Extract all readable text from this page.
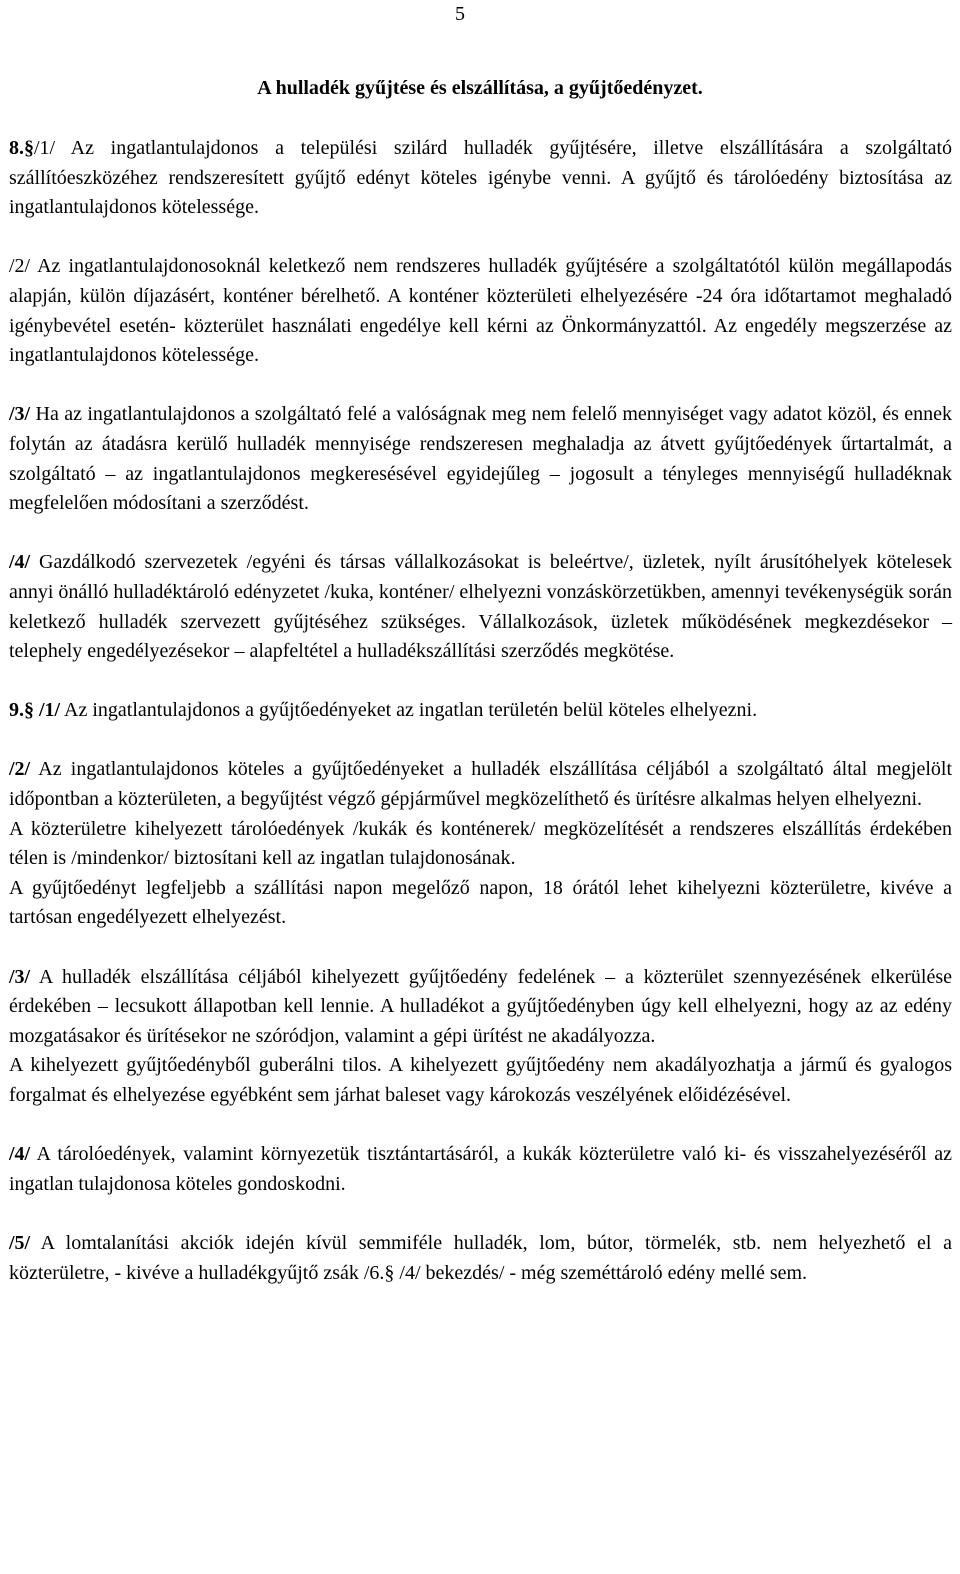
5
A hulladék gyűjtése és elszállítása, a gyűjtőedényzet.

8.§/1/ Az ingatlantulajdonos a települési szilárd hulladék gyűjtésére, illetve elszállítására a szolgáltató szállítóeszközéhez rendszeresített gyűjtő edényt köteles igénybe venni. A gyűjtő és tárolóedény biztosítása az ingatlantulajdonos kötelessége.

/2/ Az ingatlantulajdonosoknál keletkező nem rendszeres hulladék gyűjtésére a szolgáltatótól külön megállapodás alapján, külön díjazásért, konténer bérelhető. A konténer közterületi elhelyezésére -24 óra időtartamot meghaladó igénybevétel esetén- közterület használati engedélye kell kérni az Önkormányzattól. Az engedély megszerzése az ingatlantulajdonos kötelessége.

/3/ Ha az ingatlantulajdonos a szolgáltató felé a valóságnak meg nem felelő mennyiséget vagy adatot közöl, és ennek folytán az átadásra kerülő hulladék mennyisége rendszeresen meghaladja az átvett gyűjtőedények űrtartalmát, a szolgáltató – az ingatlantulajdonos megkeresésével egyidejűleg – jogosult a tényleges mennyiségű hulladéknak megfelelően módosítani a szerződést.

/4/ Gazdálkodó szervezetek /egyéni és társas vállalkozásokat is beleértve/, üzletek, nyílt árusítóhelyek kötelesek annyi önálló hulladéktároló edényzetet /kuka, konténer/ elhelyezni vonzáskörzetükben, amennyi tevékenységük során keletkező hulladék szervezett gyűjtéséhez szükséges. Vállalkozások, üzletek működésének megkezdésekor – telephely engedélyezésekor – alapfeltétel a hulladékszállítási szerződés megkötése.

9.§ /1/ Az ingatlantulajdonos a gyűjtőedényeket az ingatlan területén belül köteles elhelyezni.

/2/ Az ingatlantulajdonos köteles a gyűjtőedényeket a hulladék elszállítása céljából a szolgáltató által megjelölt időpontban a közterületen, a begyűjtést végző gépjárművel megközelíthető és ürítésre alkalmas helyen elhelyezni.

A közterületre kihelyezett tárolóedények /kukák és konténerek/ megközelítését a rendszeres elszállítás érdekében télen is /mindenkor/ biztosítani kell az ingatlan tulajdonosának.

A gyűjtőedényt legfeljebb a szállítási napon megelőző napon, 18 órától lehet kihelyezni közterületre, kivéve a tartósan engedélyezett elhelyezést.

/3/ A hulladék elszállítása céljából kihelyezett gyűjtőedény fedelének – a közterület szennyezésének elkerülése érdekében – lecsukott állapotban kell lennie. A hulladékot a gyűjtőedényben úgy kell elhelyezni, hogy az az edény mozgatásakor és ürítésekor ne szóródjon, valamint a gépi ürítést ne akadályozza.

A kihelyezett gyűjtőedényből guberálni tilos. A kihelyezett gyűjtőedény nem akadályozhatja a jármű és gyalogos forgalmat és elhelyezése egyébként sem járhat baleset vagy károkozás veszélyének előidézésével.

/4/ A tárolóedények, valamint környezetük tisztántartásáról, a kukák közterületre való ki- és visszahelyezéséről az ingatlan tulajdonosa köteles gondoskodni.

/5/ A lomtalanítási akciók idején kívül semmiféle hulladék, lom, bútor, törmelék, stb. nem helyezhető el a közterületre, - kivéve a hulladékgyűjtő zsák /6.§ /4/ bekezdés/ - még szeméttároló edény mellé sem.
